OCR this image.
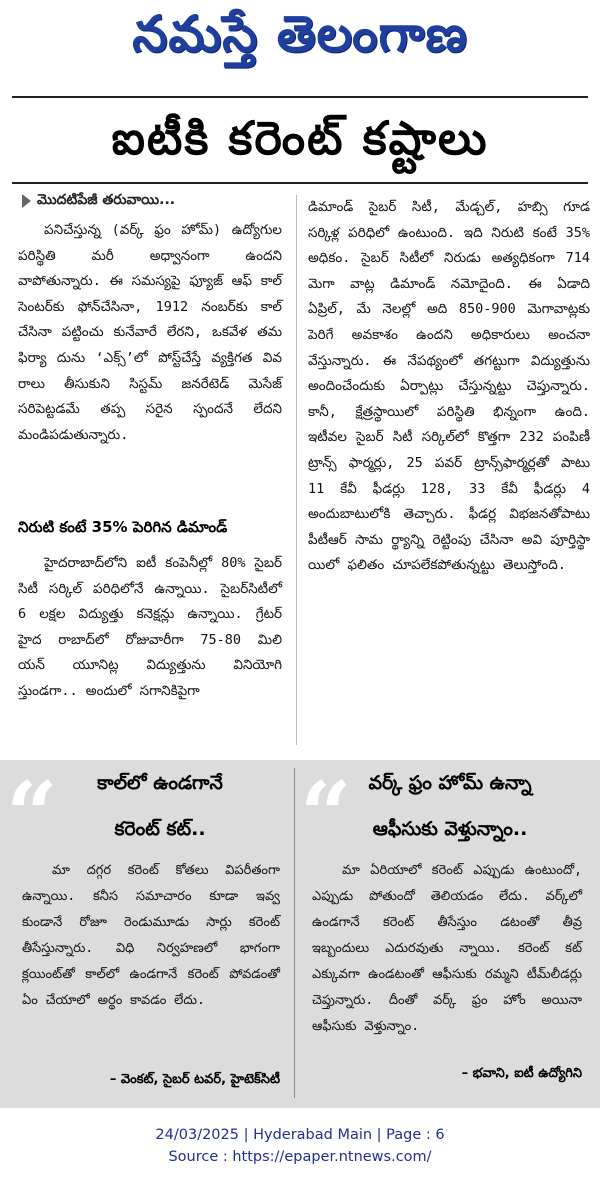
నమస్తే తెలంగాణ
ఐటీకి కరెంట్ కష్టాలు
మొదటిపేజీ తరువాయి...

పనిచేస్తున్న (వర్క్ ఫ్రం హోమ్) ఉద్యోగుల పరిస్థితి మరీ అధ్వానంగా ఉందని వాపోతున్నారు. ఈ సమస్యపై ఫ్యూజ్ ఆఫ్ కాల్ సెంటర్‌కు ఫోన్‌చేసినా, 1912 నంబర్‌కు కాల్ చేసినా పట్టించు కునేవారే లేరని, ఒకవేళ తమ ఫిర్యా దును ‘ఎక్స్’లో పోస్ట్‌చేస్తే వ్యక్తిగత వివ రాలు తీసుకుని సిస్టమ్ జనరేటెడ్ మెసేజ్ సరిపెట్టడమే తప్ప సరైన స్పందనే లేదని మండిపడుతున్నారు.

నిరుటి కంటే 35% పెరిగిన డిమాండ్

హైదరాబాద్‌లోని ఐటీ కంపెనీల్లో 80% సైబర్ సిటీ సర్కిల్ పరిధిలోనే ఉన్నాయి. సైబర్‌సిటీలో 6 లక్షల విద్యుత్తు కనెక్షన్లు ఉన్నాయి. గ్రేటర్ హైద రాబాద్‌లో రోజువారీగా 75-80 మిలి యన్ యూనిట్ల విద్యుత్తును వినియోగి స్తుండగా.. అందులో సగానికిపైగా

డిమాండ్ సైబర్ సిటీ, మేడ్చల్, హబ్సి గూడ సర్కిళ్ల పరిధిలో ఉంటుంది. ఇది నిరుటి కంటే 35% అధికం. సైబర్ సిటీలో నిరుడు అత్యధికంగా 714 మెగా వాట్ల డిమాండ్ నమోదైంది. ఈ ఏడాది ఏప్రిల్, మే నెలల్లో అది 850-900 మెగావాట్లకు పెరిగే అవకాశం ఉందని అధికారులు అంచనా వేస్తున్నారు. ఈ నేపథ్యంలో తగట్టుగా విద్యుత్తును అందించేందుకు ఏర్పాట్లు చేస్తున్నట్టు చెప్తున్నారు. కానీ, క్షేత్రస్థాయిలో పరిస్థితి భిన్నంగా ఉంది. ఇటీవల సైబర్ సిటీ సర్కిల్‌లో కొత్తగా 232 పంపిణీ ట్రాన్స్ ఫార్మర్లు, 25 పవర్ ట్రాన్స్‌ఫార్మర్లతో పాటు 11 కేవీ ఫీడర్లు 128, 33 కేవీ ఫీడర్లు 4 అందుబాటులోకి తెచ్చారు. ఫీడర్ల విభజనతోపాటు పీటీఆర్ సామ ర్థ్యాన్ని రెట్టింపు చేసినా అవి పూర్తిస్థా యిలో ఫలితం చూపలేకపోతున్నట్టు తెలుస్తోంది.

“	“
కాల్‌లో ఉండగానే
కరెంట్ కట్..

మా దగ్గర కరెంట్ కోతలు విపరీతంగా ఉన్నాయి. కనీస సమాచారం కూడా ఇవ్వ కుండానే రోజూ రెండుమూడు సార్లు కరెంట్ తీసేస్తున్నారు. విధి నిర్వహణలో భాగంగా క్లయింట్‌తో కాల్‌లో ఉండగానే కరెంట్ పోవడంతో ఏం చేయాలో అర్థం కావడం లేదు.

– వెంకట్, సైబర్ టవర్, హైటెక్‌సిటీ
వర్క్ ఫ్రం హోమ్ ఉన్నా
ఆఫీసుకు వెళ్తున్నాం..

మా ఏరియాలో కరెంట్ ఎప్పుడు ఉంటుందో, ఎప్పుడు పోతుందో తెలియడం లేదు. వర్క్‌లో ఉండగానే కరెంట్ తీసేస్తుం డటంతో తీవ్ర ఇబ్బందులు ఎదురవుతు న్నాయి. కరెంట్ కట్ ఎక్కువగా ఉండటంతో ఆఫీసుకు రమ్మని టీమ్‌లీడర్లు చెప్తున్నారు. దీంతో వర్క్ ఫ్రం హోం అయినా ఆఫీసుకు వెళ్తున్నాం.

– భవాని, ఐటీ ఉద్యోగిని
24/03/2025 | Hyderabad Main | Page : 6
Source : https://epaper.ntnews.com/
